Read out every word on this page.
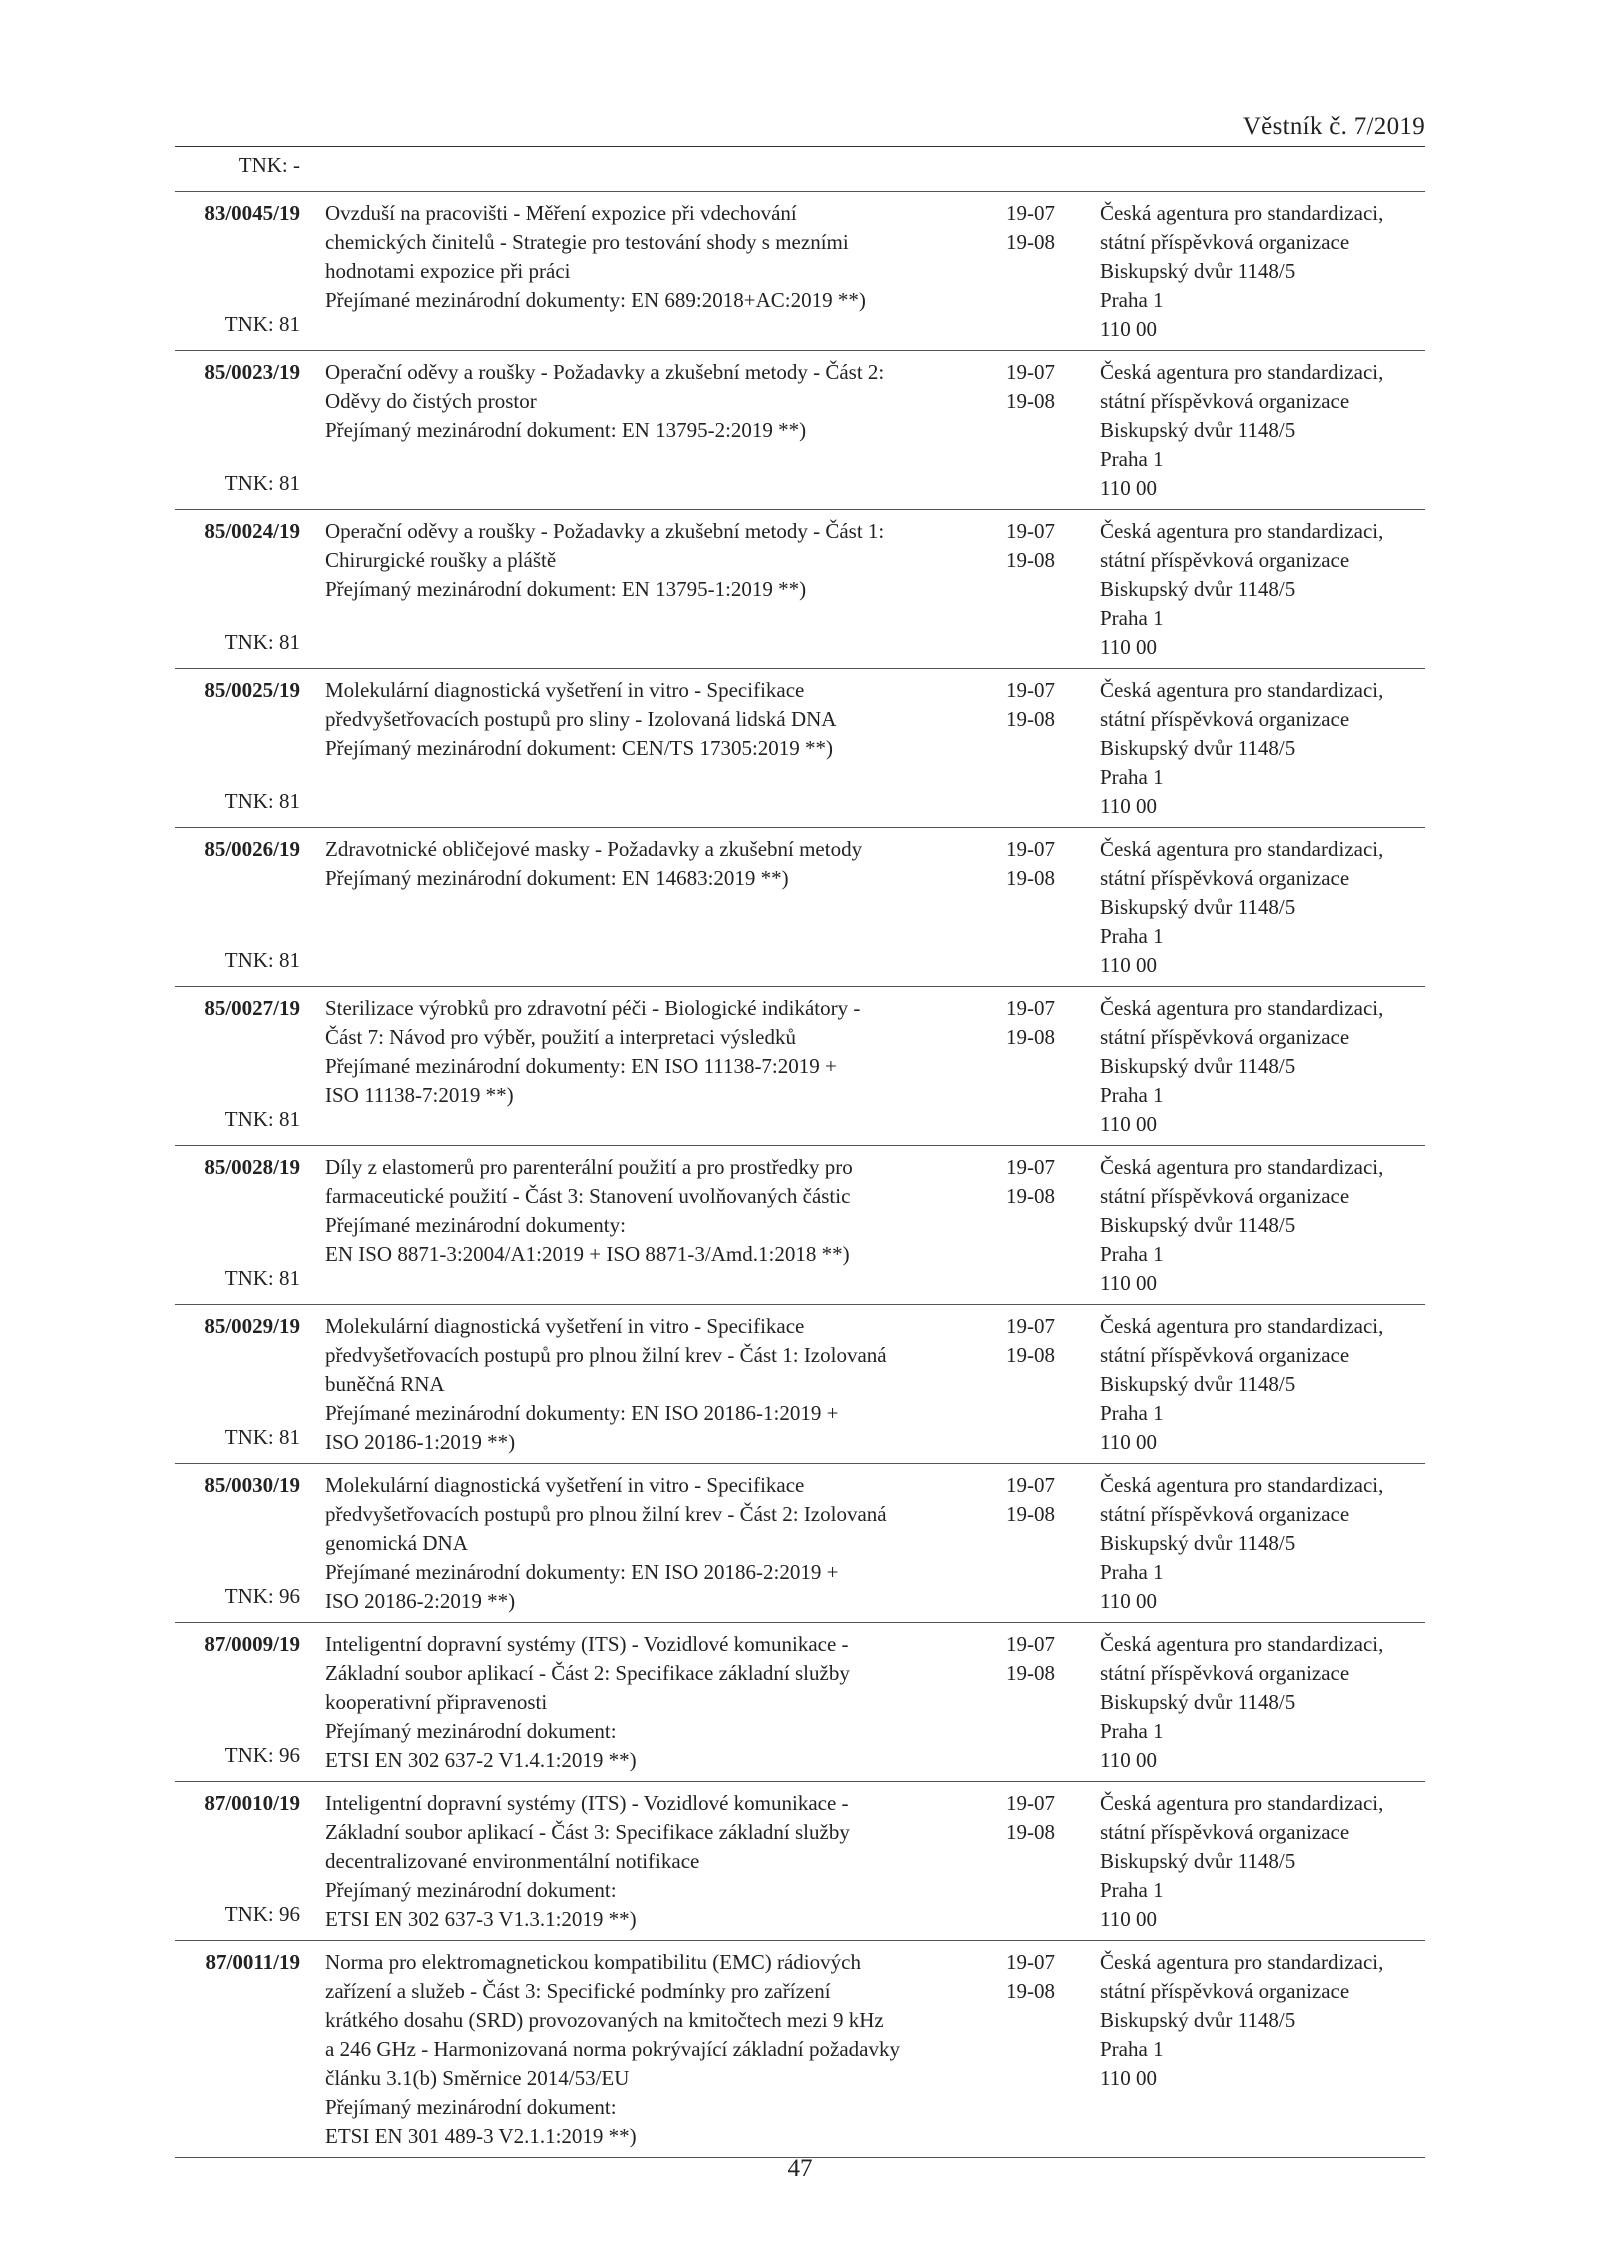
Věstník č. 7/2019
83/0045/19
TNK: -
Ovzduší na pracovišti - Měření expozice při vdechování
chemických činitelů - Strategie pro testování shody s mezními
hodnotami expozice při práci
Přejímané mezinárodní dokumenty: EN 689:2018+AC:2019 **)
19-07
19-08
Česká agentura pro standardizaci,
státní příspěvková organizace
Biskupský dvůr 1148/5
Praha 1
110 00
85/0023/19
TNK: 81
Operační oděvy a roušky - Požadavky a zkušební metody - Část 2:
Oděvy do čistých prostor
Přejímaný mezinárodní dokument: EN 13795-2:2019 **)
19-07
19-08
Česká agentura pro standardizaci,
státní příspěvková organizace
Biskupský dvůr 1148/5
Praha 1
110 00
85/0024/19
TNK: 81
Operační oděvy a roušky - Požadavky a zkušební metody - Část 1:
Chirurgické roušky a pláště
Přejímaný mezinárodní dokument: EN 13795-1:2019 **)
19-07
19-08
Česká agentura pro standardizaci,
státní příspěvková organizace
Biskupský dvůr 1148/5
Praha 1
110 00
85/0025/19
TNK: 81
Molekulární diagnostická vyšetření in vitro - Specifikace
předvyšetřovacích postupů pro sliny - Izolovaná lidská DNA
Přejímaný mezinárodní dokument: CEN/TS 17305:2019 **)
19-07
19-08
Česká agentura pro standardizaci,
státní příspěvková organizace
Biskupský dvůr 1148/5
Praha 1
110 00
85/0026/19
TNK: 81
Zdravotnické obličejové masky - Požadavky a zkušební metody
Přejímaný mezinárodní dokument: EN 14683:2019 **)
19-07
19-08
Česká agentura pro standardizaci,
státní příspěvková organizace
Biskupský dvůr 1148/5
Praha 1
110 00
85/0027/19
TNK: 81
Sterilizace výrobků pro zdravotní péči - Biologické indikátory -
Část 7: Návod pro výběr, použití a interpretaci výsledků
Přejímané mezinárodní dokumenty: EN ISO 11138-7:2019 +
ISO 11138-7:2019 **)
19-07
19-08
Česká agentura pro standardizaci,
státní příspěvková organizace
Biskupský dvůr 1148/5
Praha 1
110 00
85/0028/19
TNK: 81
Díly z elastomerů pro parenterální použití a pro prostředky pro
farmaceutické použití - Část 3: Stanovení uvolňovaných částic
Přejímané mezinárodní dokumenty:
EN ISO 8871-3:2004/A1:2019 + ISO 8871-3/Amd.1:2018 **)
19-07
19-08
Česká agentura pro standardizaci,
státní příspěvková organizace
Biskupský dvůr 1148/5
Praha 1
110 00
85/0029/19
TNK: 81
Molekulární diagnostická vyšetření in vitro - Specifikace
předvyšetřovacích postupů pro plnou žilní krev - Část 1: Izolovaná
buněčná RNA
Přejímané mezinárodní dokumenty: EN ISO 20186-1:2019 +
ISO 20186-1:2019 **)
19-07
19-08
Česká agentura pro standardizaci,
státní příspěvková organizace
Biskupský dvůr 1148/5
Praha 1
110 00
85/0030/19
TNK: 81
Molekulární diagnostická vyšetření in vitro - Specifikace
předvyšetřovacích postupů pro plnou žilní krev - Část 2: Izolovaná
genomická DNA
Přejímané mezinárodní dokumenty: EN ISO 20186-2:2019 +
ISO 20186-2:2019 **)
19-07
19-08
Česká agentura pro standardizaci,
státní příspěvková organizace
Biskupský dvůr 1148/5
Praha 1
110 00
87/0009/19
TNK: 96
Inteligentní dopravní systémy (ITS) - Vozidlové komunikace -
Základní soubor aplikací - Část 2: Specifikace základní služby
kooperativní připravenosti
Přejímaný mezinárodní dokument:
ETSI EN 302 637-2 V1.4.1:2019 **)
19-07
19-08
Česká agentura pro standardizaci,
státní příspěvková organizace
Biskupský dvůr 1148/5
Praha 1
110 00
87/0010/19
TNK: 96
Inteligentní dopravní systémy (ITS) - Vozidlové komunikace -
Základní soubor aplikací - Část 3: Specifikace základní služby
decentralizované environmentální notifikace
Přejímaný mezinárodní dokument:
ETSI EN 302 637-3 V1.3.1:2019 **)
19-07
19-08
Česká agentura pro standardizaci,
státní příspěvková organizace
Biskupský dvůr 1148/5
Praha 1
110 00
87/0011/19
TNK: 96
Norma pro elektromagnetickou kompatibilitu (EMC) rádiových
zařízení a služeb - Část 3: Specifické podmínky pro zařízení
krátkého dosahu (SRD) provozovaných na kmitočtech mezi 9 kHz
a 246 GHz - Harmonizovaná norma pokrývající základní požadavky
článku 3.1(b) Směrnice 2014/53/EU
Přejímaný mezinárodní dokument:
ETSI EN 301 489-3 V2.1.1:2019 **)
19-07
19-08
Česká agentura pro standardizaci,
státní příspěvková organizace
Biskupský dvůr 1148/5
Praha 1
110 00
47
